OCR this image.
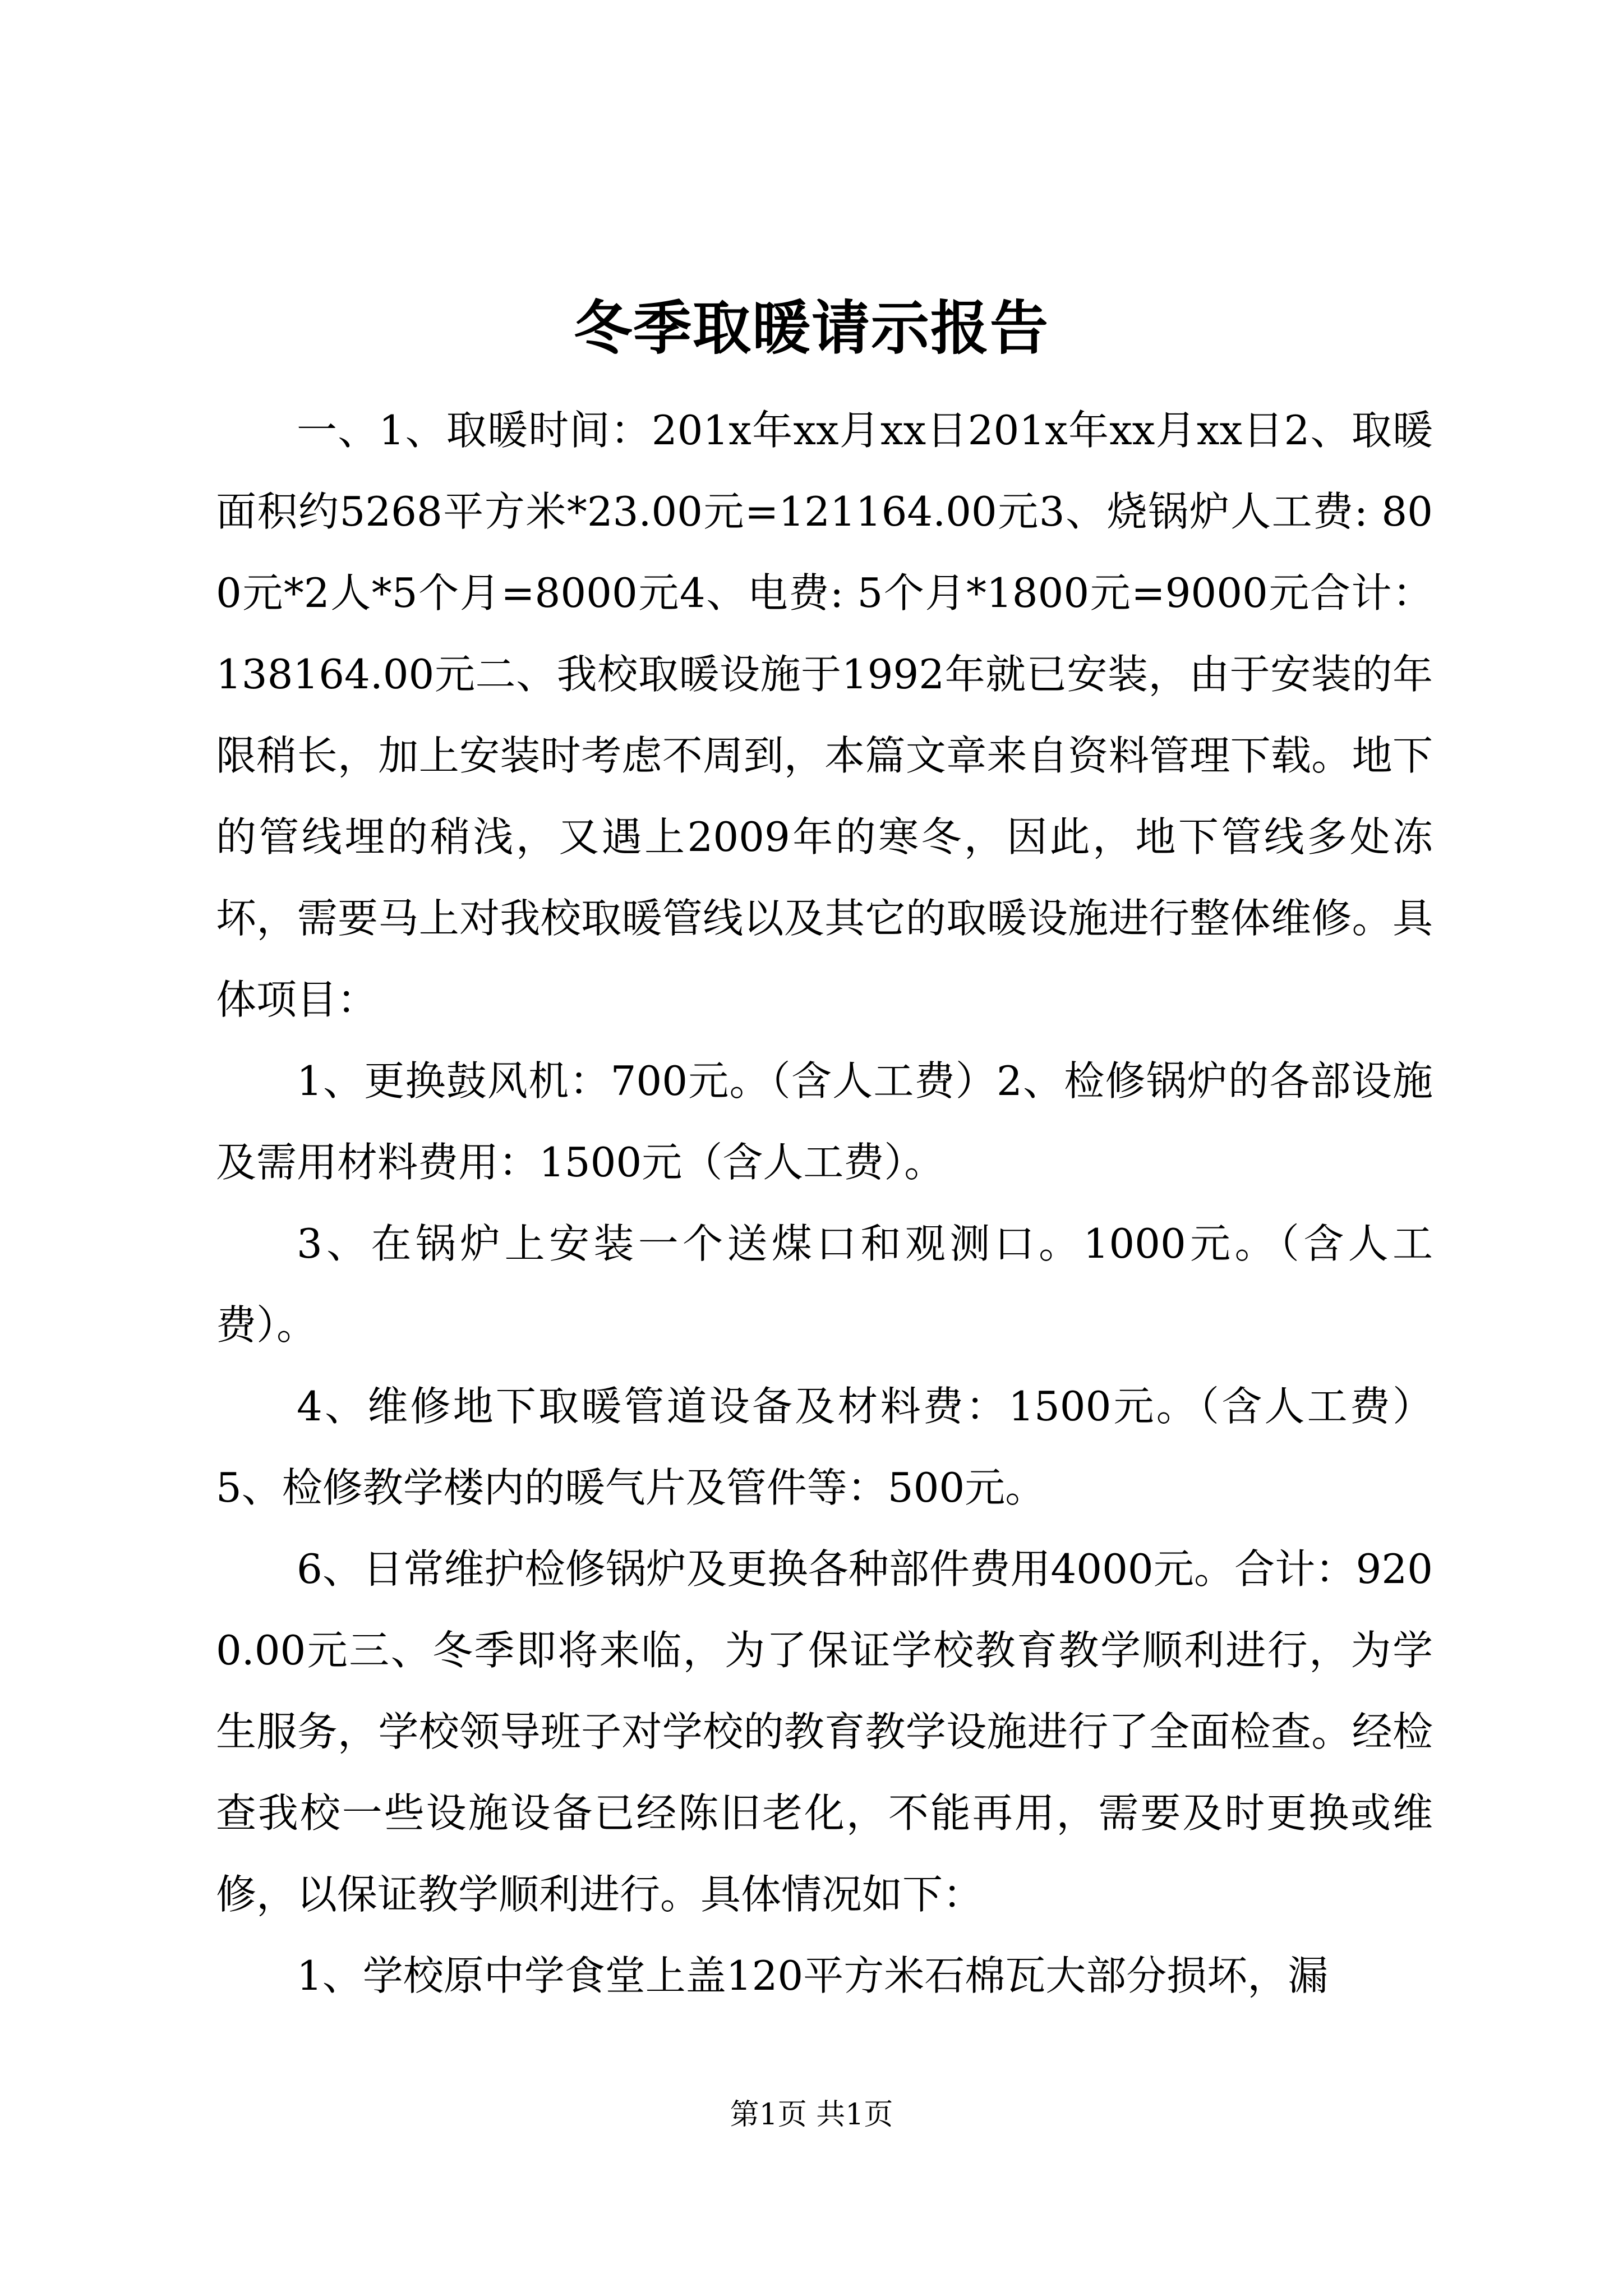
冬季取暖请示报告

一、1、取暖时间：201x年xx月xx日201x年xx月xx日2、取暖面积约5268平方米*23.00元=121164.00元3、烧锅炉人工费: 800元*2人*5个月=8000元4、电费: 5个月*1800元=9000元合计：138164.00元二、我校取暖设施于1992年就已安装，由于安装的年限稍长，加上安装时考虑不周到，本篇文章来自资料管理下载。地下的管线埋的稍浅，又遇上2009年的寒冬，因此，地下管线多处冻坏，需要马上对我校取暖管线以及其它的取暖设施进行整体维修。具体项目：

1、更换鼓风机：700元。（含人工费）2、检修锅炉的各部设施及需用材料费用：1500元（含人工费）。

3、在锅炉上安装一个送煤口和观测口。1000元。（含人工费）。

4、维修地下取暖管道设备及材料费：1500元。（含人工费）5、检修教学楼内的暖气片及管件等：500元。

6、日常维护检修锅炉及更换各种部件费用4000元。合计：9200.00元三、冬季即将来临，为了保证学校教育教学顺利进行，为学生服务，学校领导班子对学校的教育教学设施进行了全面检查。经检查我校一些设施设备已经陈旧老化，不能再用，需要及时更换或维修，以保证教学顺利进行。具体情况如下：

1、学校原中学食堂上盖120平方米石棉瓦大部分损坏，漏

第1页 共1页
